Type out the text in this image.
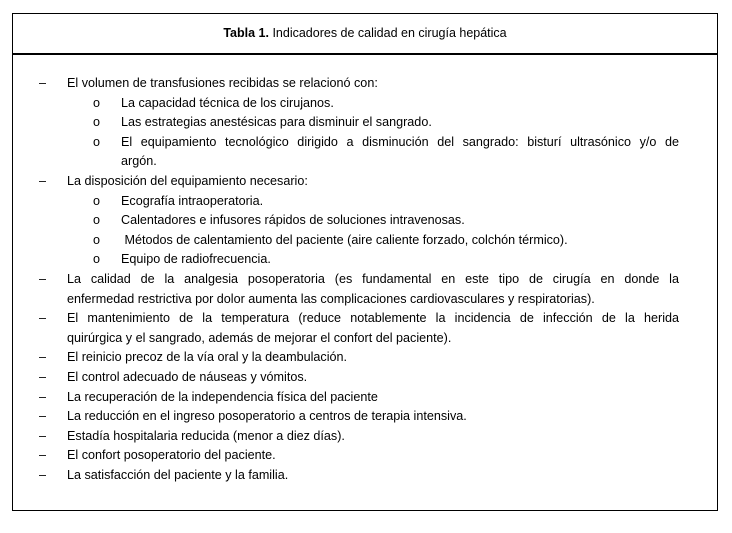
Tabla 1. Indicadores de calidad en cirugía hepática
– El volumen de transfusiones recibidas se relacionó con:
o La capacidad técnica de los cirujanos.
o Las estrategias anestésicas para disminuir el sangrado.
o El equipamiento tecnológico dirigido a disminución del sangrado: bisturí ultrasónico y/o de
argón.
– La disposición del equipamiento necesario:
o Ecografía intraoperatoria.
o Calentadores e infusores rápidos de soluciones intravenosas.
o Métodos de calentamiento del paciente (aire caliente forzado, colchón térmico).
o Equipo de radiofrecuencia.
– La calidad de la analgesia posoperatoria (es fundamental en este tipo de cirugía en donde la
enfermedad restrictiva por dolor aumenta las complicaciones cardiovasculares y respiratorias).
– El mantenimiento de la temperatura (reduce notablemente la incidencia de infección de la herida
quirúrgica y el sangrado, además de mejorar el confort del paciente).
– El reinicio precoz de la vía oral y la deambulación.
– El control adecuado de náuseas y vómitos.
– La recuperación de la independencia física del paciente
– La reducción en el ingreso posoperatorio a centros de terapia intensiva.
– Estadía hospitalaria reducida (menor a diez días).
– El confort posoperatorio del paciente.
– La satisfacción del paciente y la familia.
